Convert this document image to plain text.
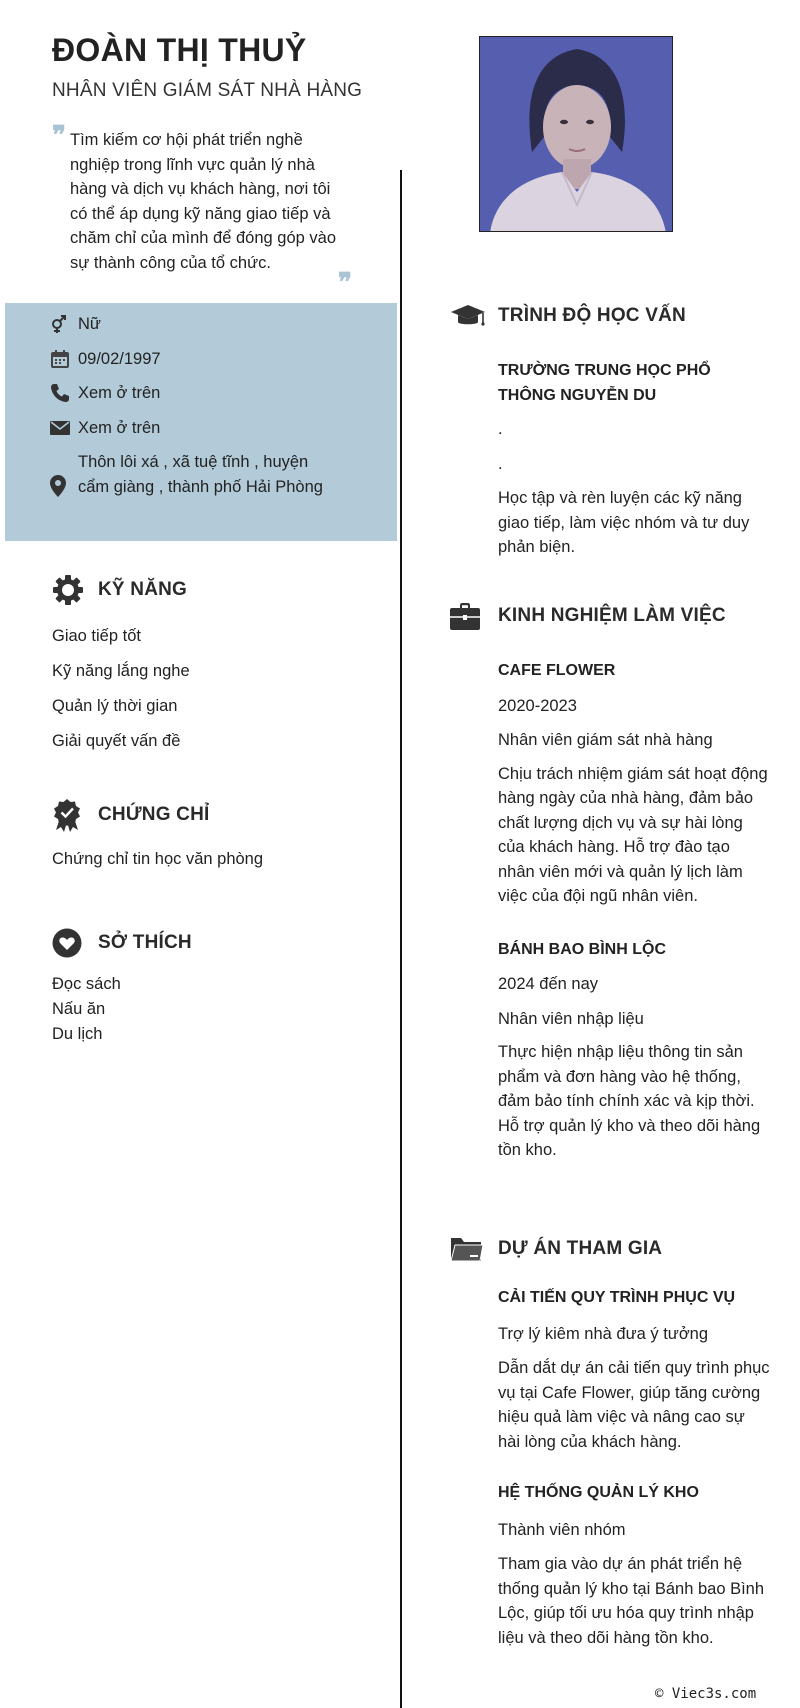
ĐOÀN THỊ THUỶ
NHÂN VIÊN GIÁM SÁT NHÀ HÀNG
❞ Tìm kiếm cơ hội phát triển nghề nghiệp trong lĩnh vực quản lý nhà hàng và dịch vụ khách hàng, nơi tôi có thể áp dụng kỹ năng giao tiếp và chăm chỉ của mình để đóng góp vào sự thành công của tổ chức.
❞
Nữ
09/02/1997
Xem ở trên
Xem ở trên
Thôn lôi xá , xã tuệ tĩnh , huyện cẩm giàng , thành phố Hải Phòng
KỸ NĂNG
Giao tiếp tốt
Kỹ năng lắng nghe
Quản lý thời gian
Giải quyết vấn đề
CHỨNG CHỈ
Chứng chỉ tin học văn phòng
SỞ THÍCH
Đọc sách
Nấu ăn
Du lịch
TRÌNH ĐỘ HỌC VẤN
TRƯỜNG TRUNG HỌC PHỔ THÔNG NGUYỄN DU
.
.
Học tập và rèn luyện các kỹ năng giao tiếp, làm việc nhóm và tư duy phản biện.
KINH NGHIỆM LÀM VIỆC
CAFE FLOWER
2020-2023
Nhân viên giám sát nhà hàng
Chịu trách nhiệm giám sát hoạt động hàng ngày của nhà hàng, đảm bảo chất lượng dịch vụ và sự hài lòng của khách hàng. Hỗ trợ đào tạo nhân viên mới và quản lý lịch làm việc của đội ngũ nhân viên.
BÁNH BAO BÌNH LỘC
2024 đến nay
Nhân viên nhập liệu
Thực hiện nhập liệu thông tin sản phẩm và đơn hàng vào hệ thống, đảm bảo tính chính xác và kịp thời. Hỗ trợ quản lý kho và theo dõi hàng tồn kho.
DỰ ÁN THAM GIA
CẢI TIẾN QUY TRÌNH PHỤC VỤ
Trợ lý kiêm nhà đưa ý tưởng
Dẫn dắt dự án cải tiến quy trình phục vụ tại Cafe Flower, giúp tăng cường hiệu quả làm việc và nâng cao sự hài lòng của khách hàng.
HỆ THỐNG QUẢN LÝ KHO
Thành viên nhóm
Tham gia vào dự án phát triển hệ thống quản lý kho tại Bánh bao Bình Lộc, giúp tối ưu hóa quy trình nhập liệu và theo dõi hàng tồn kho.
© Viec3s.com
